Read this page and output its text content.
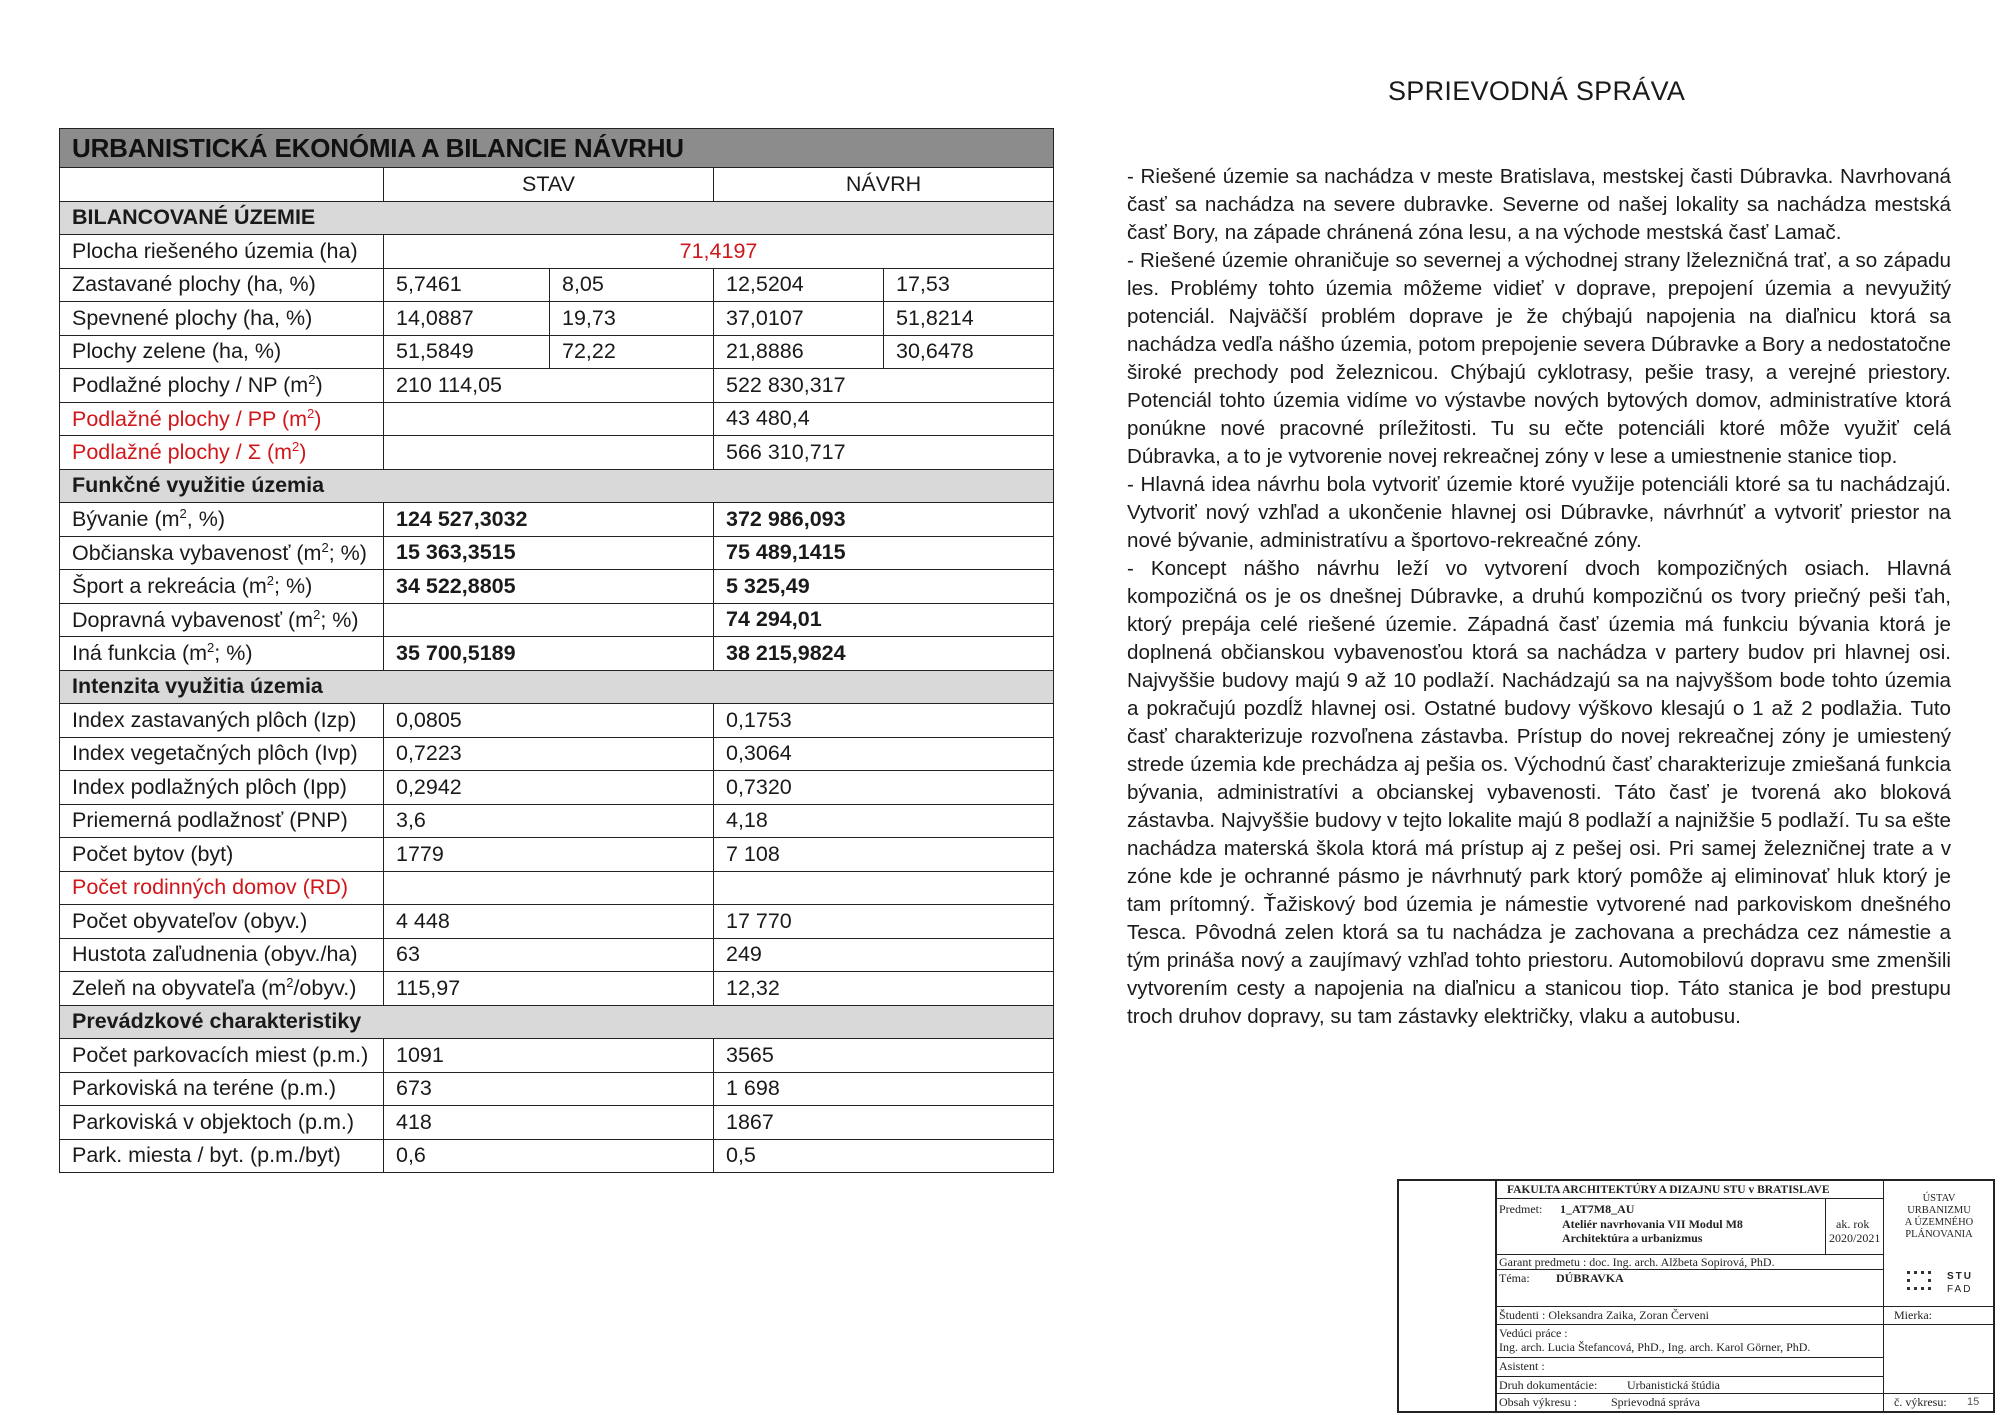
URBANISTICKÁ EKONÓMIA A BILANCIE NÁVRHU				
	STAV		NÁVRH	
BILANCOVANÉ ÚZEMIE				
Plocha riešeného územia (ha)	71,4197			
Zastavané plochy (ha, %)	5,7461	8,05	12,5204	17,53
Spevnené plochy (ha, %)	14,0887	19,73	37,0107	51,8214
Plochy zelene (ha, %)	51,5849	72,22	21,8886	30,6478
Podlažné plochy / NP $(m^2)$	210 114,05		522 830,317	
Podlažné plochy / PP $(m^2)$			43 480,4	
Podlažné plochy / Σ $(m^2)$			566 310,717	
Funkčné využitie územia				
Bývanie ($m^2$, %)	124 527,3032		372 986,093	
Občianska vybavenosť ($m^2$; %)	15 363,3515		75 489,1415	
Šport a rekreácia ($m^2$; %)	34 522,8805		5 325,49	
Dopravná vybavenosť ($m^2$; %)			74 294,01	
Iná funkcia ($m^2$; %)	35 700,5189		38 215,9824	
Intenzita využitia územia				
Index zastavaných plôch (Izp)	0,0805		0,1753	
Index vegetačných plôch (Ivp)	0,7223		0,3064	
Index podlažných plôch (Ipp)	0,2942		0,7320	
Priemerná podlažnosť (PNP)	3,6		4,18	
Počet bytov (byt)	1779		7 108	
Počet rodinných domov (RD)				
Počet obyvateľov (obyv.)	4 448		17 770	
Hustota zaľudnenia (obyv./ha)	63		249	
Zeleň na obyvateľa $(m^2/obyv.)$	115,97		12,32	
Prevádzkové charakteristiky				
Počet parkovacích miest (p.m.)	1091		3565	
Parkoviská na teréne (p.m.)	673		1 698	
Parkoviská v objektoch (p.m.)	418		1867	
Park. miesta / byt. (p.m./byt)	0,6		0,5	
SPRIEVODNÁ SPRÁVA

- Riešené územie sa nachádza v meste Bratislava, mestskej časti Dúbravka. Navrhovaná časť sa nachádza na severe dubravke. Severne od našej lokality sa nachádza mestská časť Bory, na západe chránená zóna lesu, a na východe mestská časť Lamač.

- Riešené územie ohraničuje so severnej a východnej strany lželezničná trať, a so západu les. Problémy tohto územia môžeme vidieť v doprave, prepojení územia a nevyužitý potenciál. Najväčší problém doprave je že chýbajú napojenia na diaľnicu ktorá sa nachádza vedľa nášho územia, potom prepojenie severa Dúbravke a Bory a nedostatočne široké prechody pod železnicou. Chýbajú cyklotrasy, pešie trasy, a verejné priestory. Potenciál tohto územia vidíme vo výstavbe nových bytových domov, administratíve ktorá ponúkne nové pracovné príležitosti. Tu su ečte potenciáli ktoré môže využiť celá Dúbravka, a to je vytvorenie novej rekreačnej zóny v lese a umiestnenie stanice tiop.

- Hlavná idea návrhu bola vytvoriť územie ktoré využije potenciáli ktoré sa tu nachádzajú. Vytvoriť nový vzhľad a ukončenie hlavnej osi Dúbravke, návrhnúť a vytvoriť priestor na nové bývanie, administratívu a športovo-rekreačné zóny.

- Koncept nášho návrhu leží vo vytvorení dvoch kompozičných osiach. Hlavná kompozičná os je os dnešnej Dúbravke, a druhú kompozičnú os tvory priečný peši ťah, ktorý prepája celé riešené územie. Západná časť územia má funkciu bývania ktorá je doplnená občianskou vybavenosťou ktorá sa nachádza v partery budov pri hlavnej osi. Najvyššie budovy majú 9 až 10 podlaží. Nachádzajú sa na najvyššom bode tohto územia a pokračujú pozdĺž hlavnej osi. Ostatné budovy výškovo klesajú o 1 až 2 podlažia. Tuto časť charakterizuje rozvoľnena zástavba. Prístup do novej rekreačnej zóny je umiestený strede územia kde prechádza aj pešia os. Východnú časť charakterizuje zmiešaná funkcia bývania, administratívi a obcianskej vybavenosti. Táto časť je tvorená ako bloková zástavba. Najvyššie budovy v tejto lokalite majú 8 podlaží a najnižšie 5 podlaží. Tu sa ešte nachádza materská škola ktorá má prístup aj z pešej osi. Pri samej železničnej trate a v zóne kde je ochranné pásmo je návrhnutý park ktorý pomôže aj eliminovať hluk ktorý je tam prítomný. Ťažiskový bod územia je námestie vytvorené nad parkoviskom dnešného Tesca. Pôvodná zelen ktorá sa tu nachádza je zachovana a prechádza cez námestie a tým prináša nový a zaujímavý vzhľad tohto priestoru. Automobilovú dopravu sme zmenšili vytvorením cesty a napojenia na diaľnicu a stanicou tiop. Táto stanica je bod prestupu troch druhov dopravy, su tam zástavky električky, vlaku a autobusu.

FAKULTA ARCHITEKTÚRY A DIZAJNU STU v BRATISLAVE
Predmet: 1_AT7M8_AU
Ateliér navrhovania VII Modul M8
Architektúra a urbanizmus
ak. rok
2020/2021
Garant predmetu : doc. Ing. arch. Alžbeta Sopirová, PhD.
Téma: DÚBRAVKA
ÚSTAV
URBANIZMU
A ÚZEMNÉHO
PLÁNOVANIA
STU
FAD
Študenti : Oleksandra Zaika, Zoran Červeni	Mierka:
Vedúci práce :
Ing. arch. Lucia Štefancová, PhD., Ing. arch. Karol Görner, PhD.
Asistent :
Druh dokumentácie: Urbanistická štúdia
Obsah výkresu :	Sprievodná správa	č. výkresu: 15
